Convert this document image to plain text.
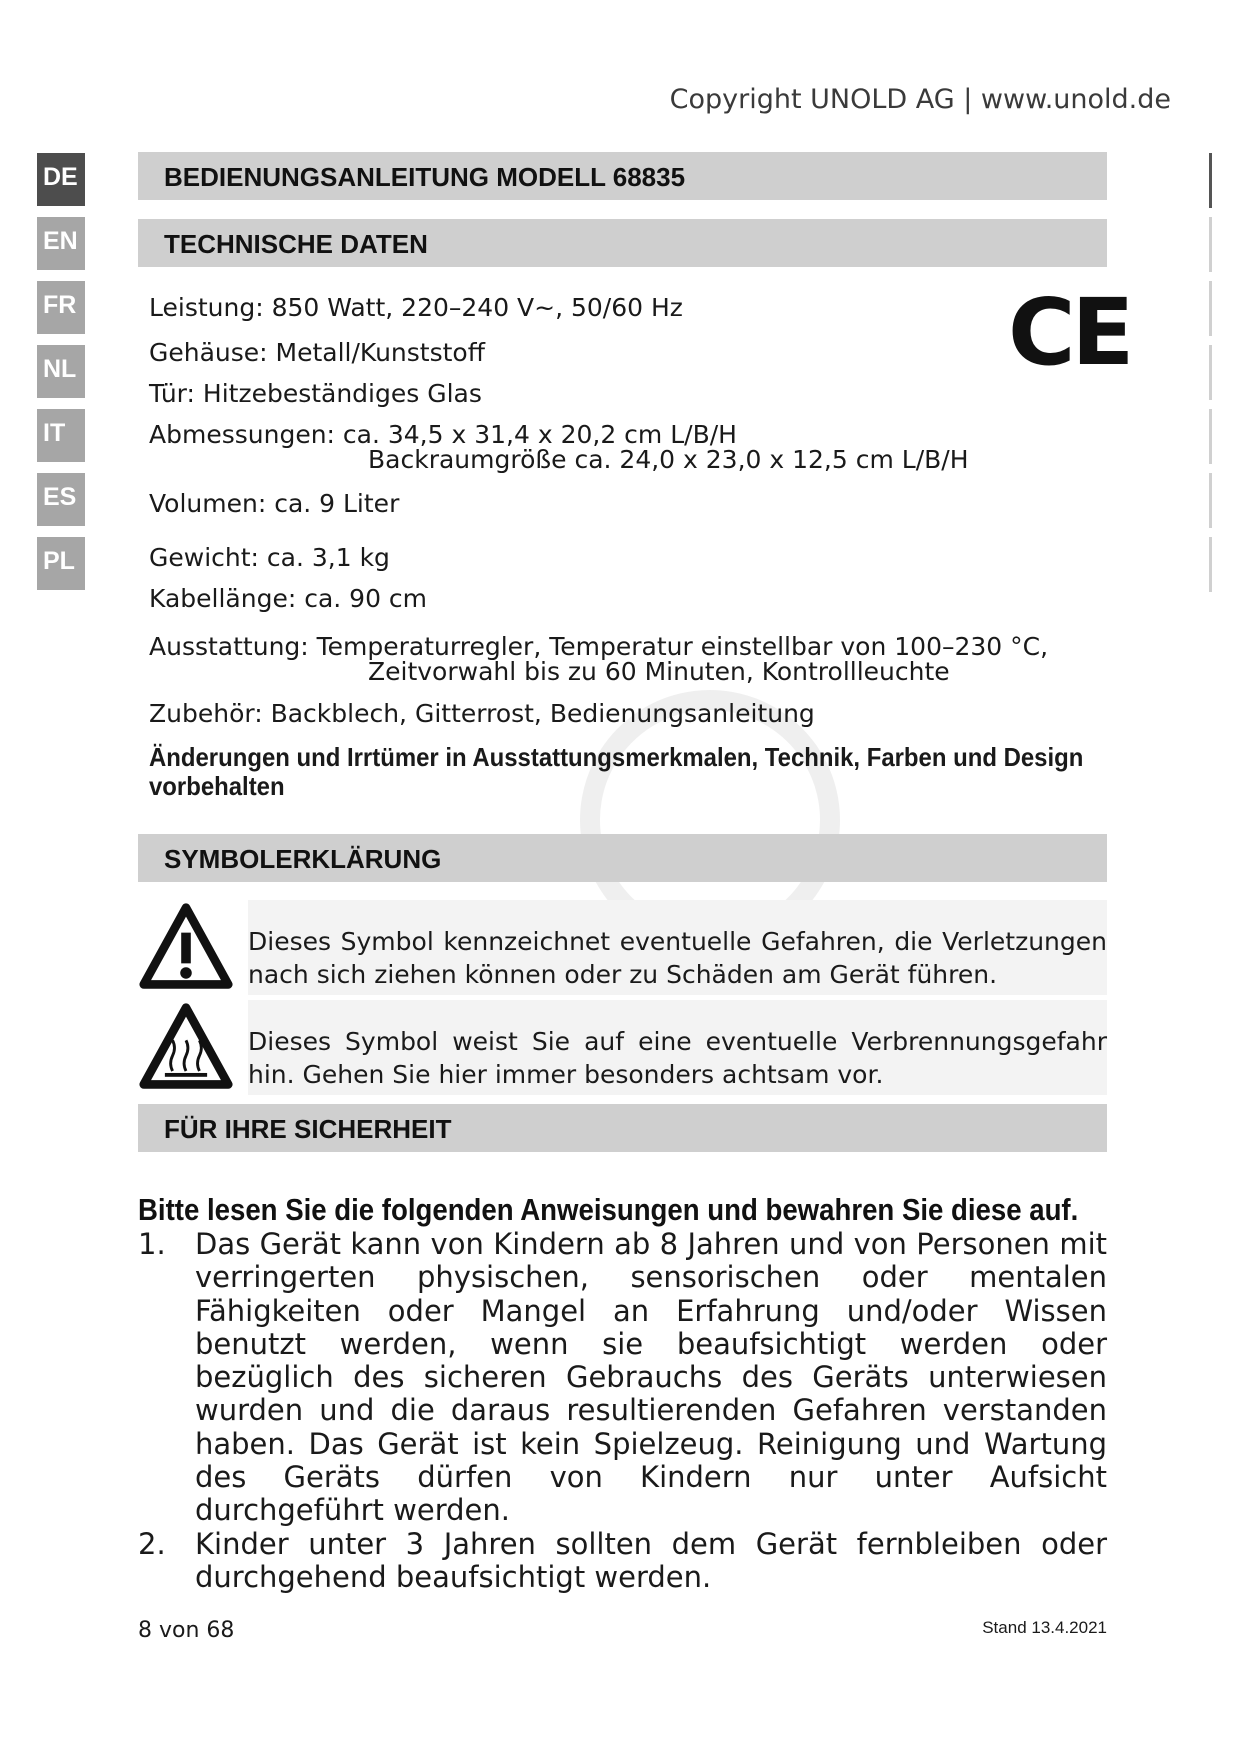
Copyright UNOLD AG | www.unold.de
DE
EN
FR
NL
IT
ES
PL
BEDIENUNGSANLEITUNG MODELL 68835
TECHNISCHE DATEN
Leistung: 850 Watt, 220–240 V~, 50/60 Hz
Gehäuse: Metall/Kunststoff
Tür: Hitzebeständiges Glas
Abmessungen: ca. 34,5 x 31,4 x 20,2 cm L/B/H
Backraumgröße ca. 24,0 x 23,0 x 12,5 cm L/B/H
Volumen: ca. 9 Liter
Gewicht: ca. 3,1 kg
Kabellänge: ca. 90 cm
Ausstattung: Temperaturregler, Temperatur einstellbar von 100–230 °C,
Zeitvorwahl bis zu 60 Minuten, Kontrollleuchte
Zubehör: Backblech, Gitterrost, Bedienungsanleitung
CE
Änderungen und Irrtümer in Ausstattungsmerkmalen, Technik, Farben und Design vorbehalten
SYMBOLERKLÄRUNG
Dieses Symbol kennzeichnet eventuelle Gefahren, die Verletzungen nach sich ziehen können oder zu Schäden am Gerät führen.
Dieses Symbol weist Sie auf eine eventuelle Verbrennungsgefahr hin. Gehen Sie hier immer besonders achtsam vor.
FÜR IHRE SICHERHEIT
Bitte lesen Sie die folgenden Anweisungen und bewahren Sie diese auf.
1. Das Gerät kann von Kindern ab 8 Jahren und von Personen mit verringerten physischen, sensorischen oder mentalen Fähigkeiten oder Mangel an Erfahrung und/oder Wissen benutzt werden, wenn sie beaufsichtigt werden oder bezüglich des sicheren Gebrauchs des Geräts unterwiesen wurden und die daraus resultierenden Gefahren verstanden haben. Das Gerät ist kein Spielzeug. Reinigung und Wartung des Geräts dürfen von Kindern nur unter Aufsicht durchgeführt werden.
2. Kinder unter 3 Jahren sollten dem Gerät fernbleiben oder durchgehend beaufsichtigt werden.
8 von 68	Stand 13.4.2021
